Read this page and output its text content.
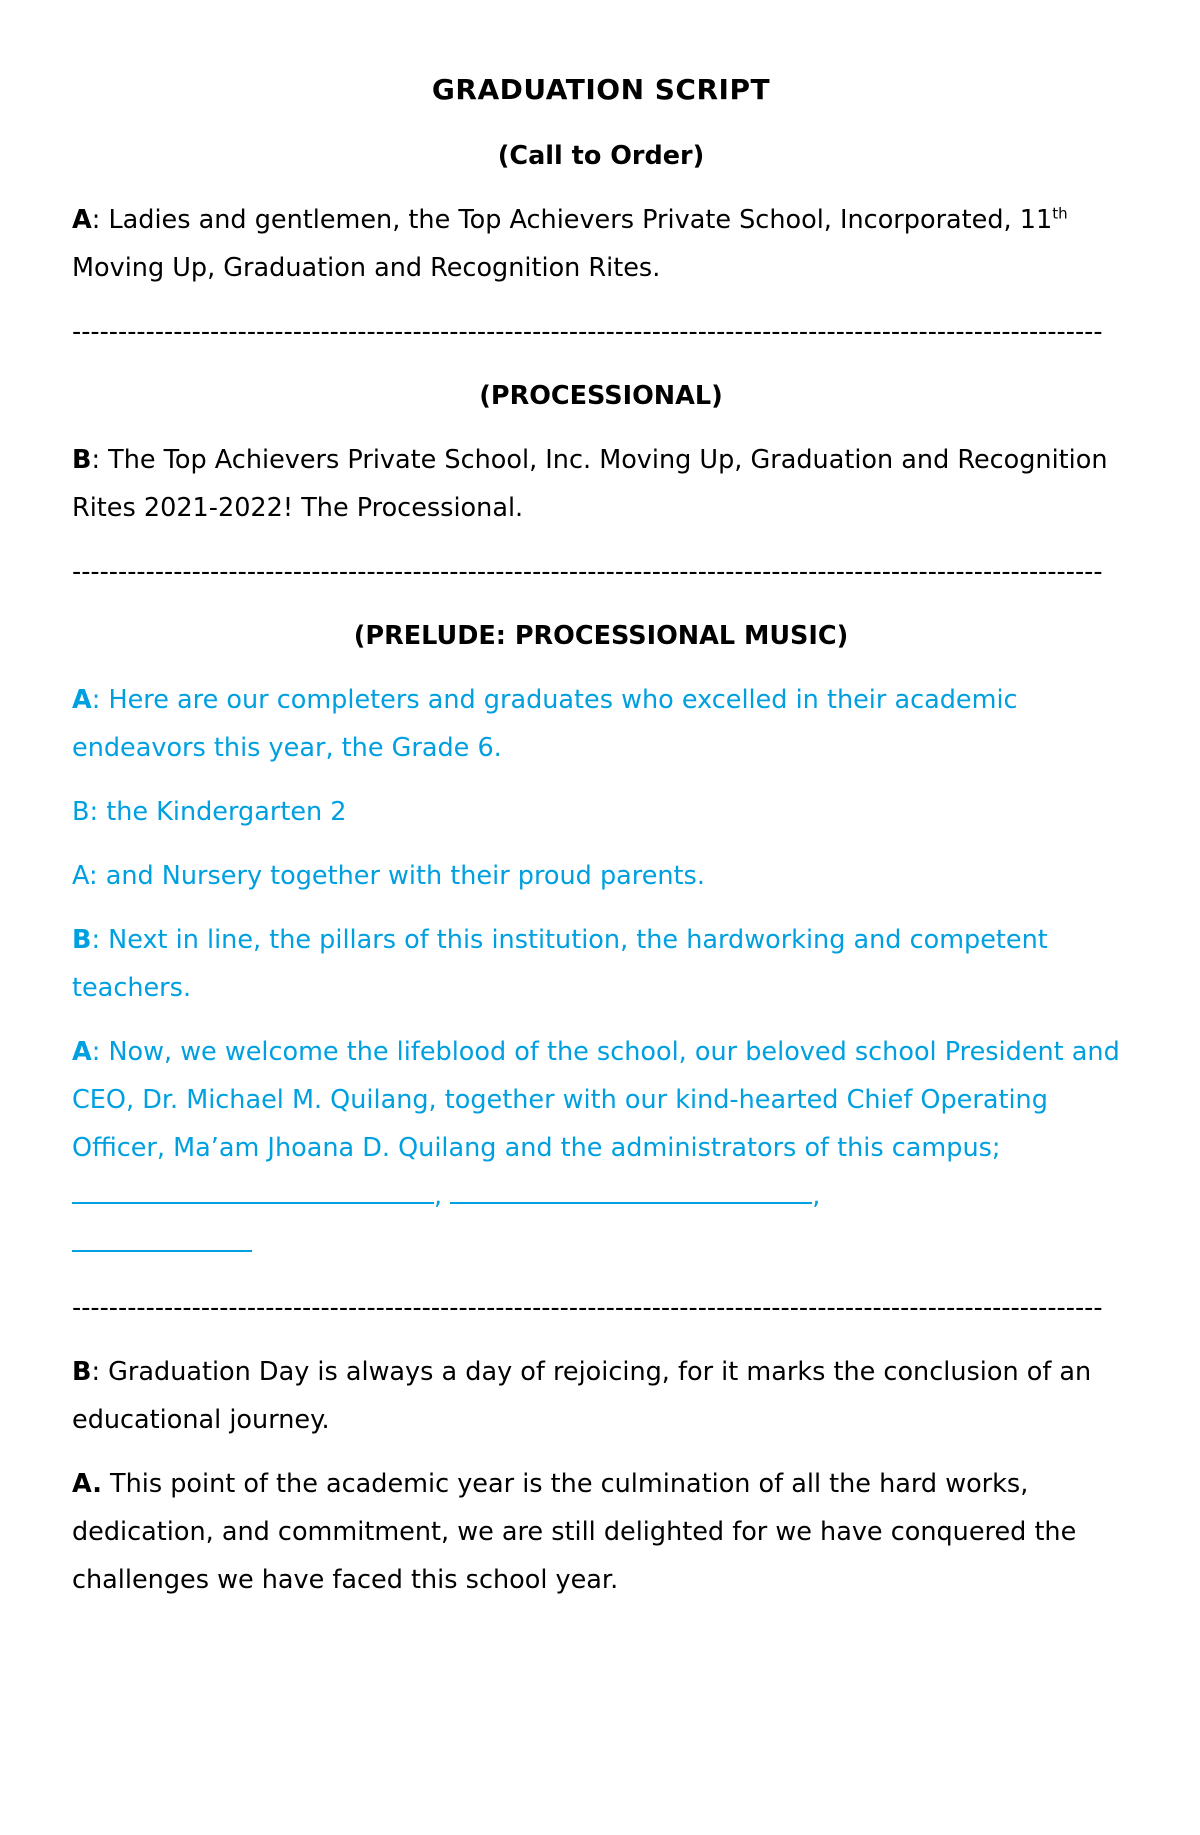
GRADUATION SCRIPT
(Call to Order)

A: Ladies and gentlemen, the Top Achievers Private School, Incorporated, 11th Moving Up, Graduation and Recognition Rites.

----------------------------------------------------------------------------------------------------------------
(PROCESSIONAL)

B: The Top Achievers Private School, Inc. Moving Up, Graduation and Recognition Rites 2021-2022! The Processional.

----------------------------------------------------------------------------------------------------------------
(PRELUDE: PROCESSIONAL MUSIC)

A: Here are our completers and graduates who excelled in their academic endeavors this year, the Grade 6.

B: the Kindergarten 2

A: and Nursery together with their proud parents.

B: Next in line, the pillars of this institution, the hardworking and competent teachers.

A: Now, we welcome the lifeblood of the school, our beloved school President and CEO, Dr. Michael M. Quilang, together with our kind-hearted Chief Operating Officer, Ma’am Jhoana D. Quilang and the administrators of this campus; ,	,

----------------------------------------------------------------------------------------------------------------

B: Graduation Day is always a day of rejoicing, for it marks the conclusion of an educational journey.

A. This point of the academic year is the culmination of all the hard works, dedication, and commitment, we are still delighted for we have conquered the challenges we have faced this school year.
